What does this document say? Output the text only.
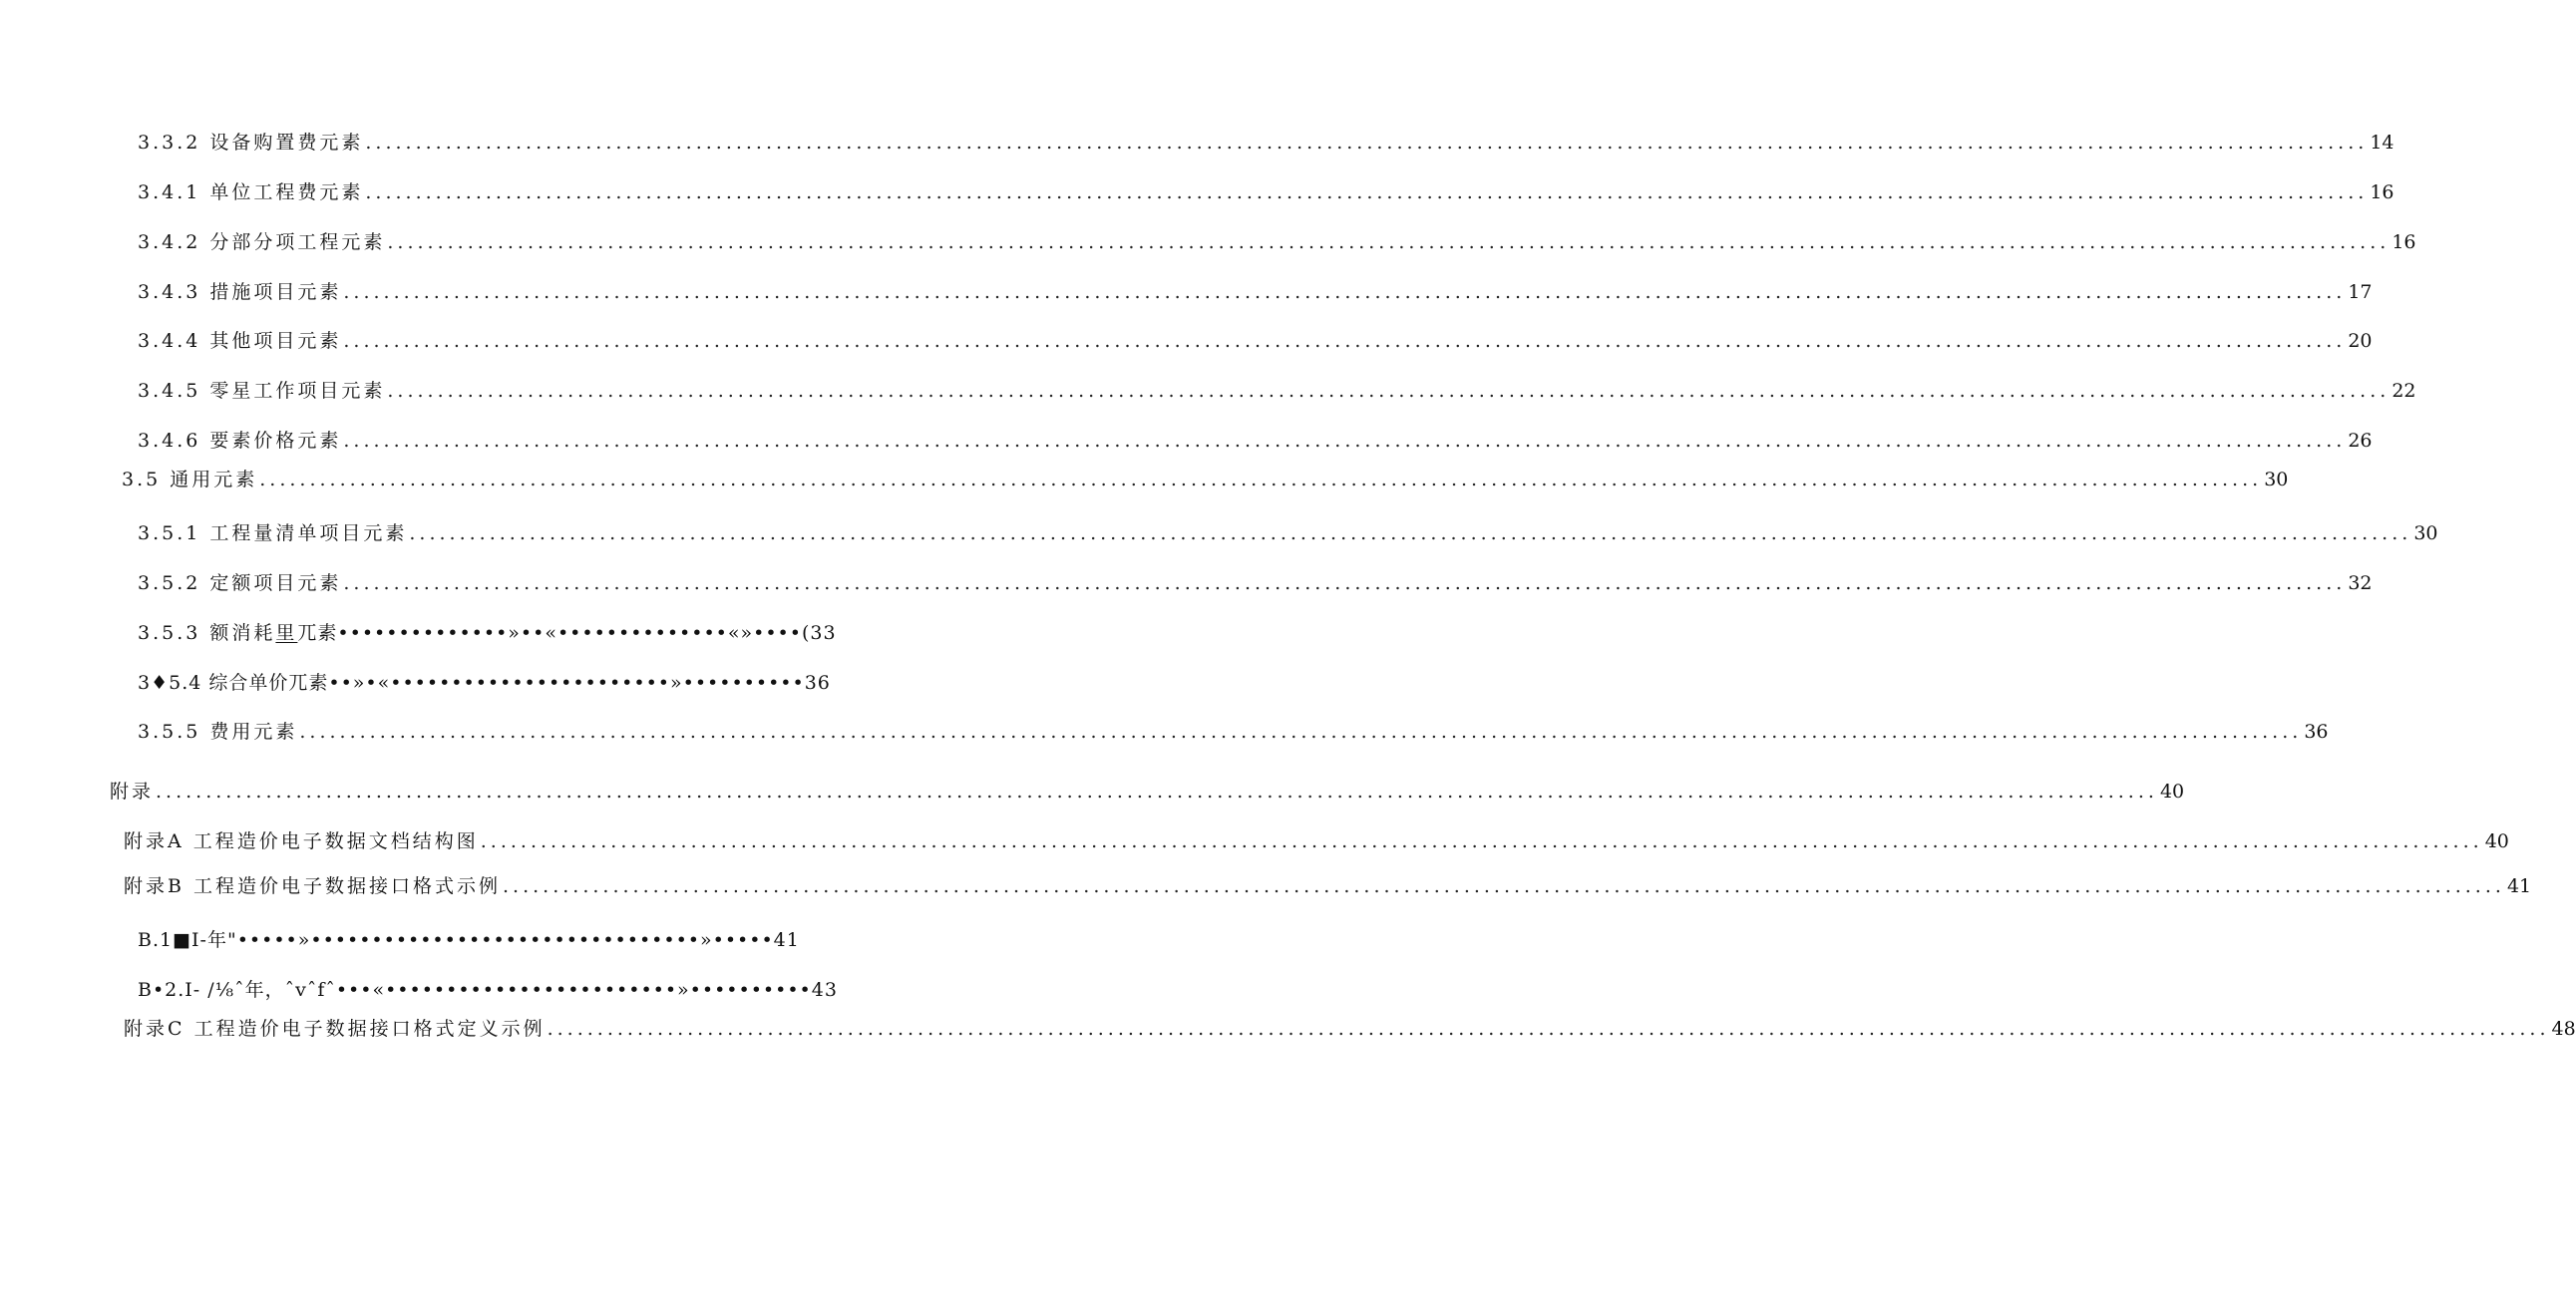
3.3.2 设备购置费元素 ........................................................................................................................................................................................................ 14
3.4.1 单位工程费元素 ........................................................................................................................................................................................................ 16
3.4.2 分部分项工程元素 ........................................................................................................................................................................................................ 16
3.4.3 措施项目元素 ........................................................................................................................................................................................................ 17
3.4.4 其他项目元素 ........................................................................................................................................................................................................ 20
3.4.5 零星工作项目元素 ........................................................................................................................................................................................................ 22
3.4.6 要素价格元素 ........................................................................................................................................................................................................ 26
3.5 通用元素 ........................................................................................................................................................................................................ 30
3.5.1 工程量清单项目元素 ........................................................................................................................................................................................................ 30
3.5.2 定额项目元素 ........................................................................................................................................................................................................ 32
3.5.3 额消耗里兀素••••••••••••••»••«••••••••••••••«»••••(33
3♦5.4 综合单价兀素••»•«•••••••••••••••••••••••»••••••••••36
3.5.5 费用元素 ........................................................................................................................................................................................................ 36
附录 ........................................................................................................................................................................................................ 40
附录A 工程造价电子数据文档结构图 ........................................................................................................................................................................................................ 40
附录B 工程造价电子数据接口格式示例 ........................................................................................................................................................................................................ 41
B.1■I-年"•••••»••••••••••••••••••••••••••••••••»•••••41
B•2.I- /⅛ˆ年，ˆvˆfˆ•••«••••••••••••••••••••••••»••••••••••43
附录C 工程造价电子数据接口格式定义示例 ........................................................................................................................................................................................................ 48
